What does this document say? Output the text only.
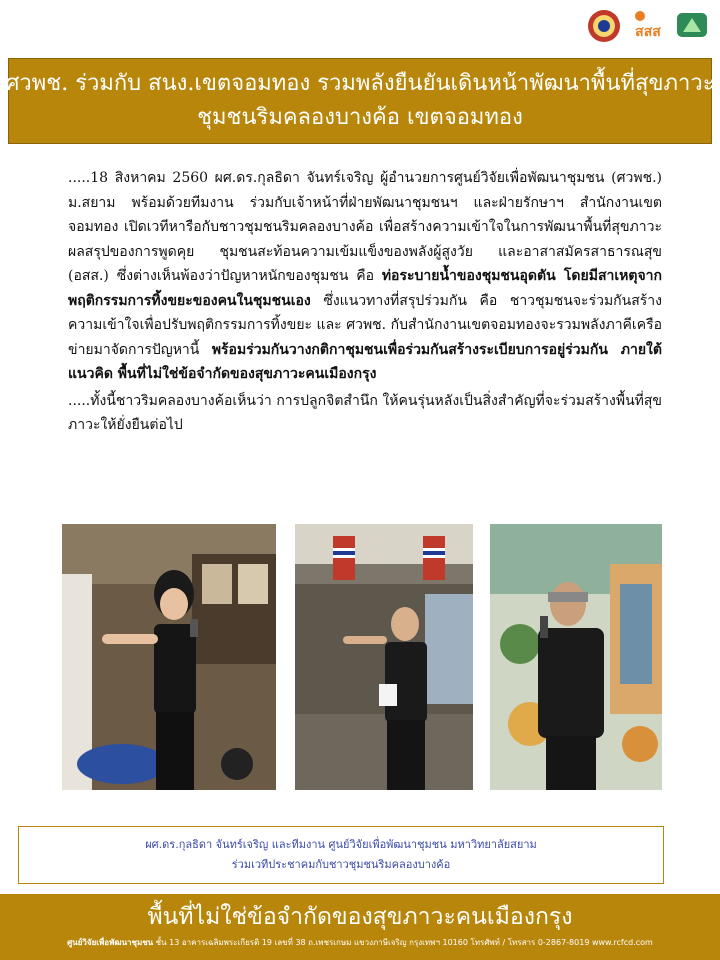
สสส
ศวพช. ร่วมกับ สนง.เขตจอมทอง รวมพลังยืนยันเดินหน้าพัฒนาพื้นที่สุขภาวะ
ชุมชนริมคลองบางค้อ เขตจอมทอง

.....18 สิงหาคม 2560 ผศ.ดร.กุลธิดา จันทร์เจริญ ผู้อำนวยการศูนย์วิจัยเพื่อพัฒนาชุมชน (ศวพช.) ม.สยาม พร้อมด้วยทีมงาน ร่วมกับเจ้าหน้าที่ฝ่ายพัฒนาชุมชนฯ และฝ่ายรักษาฯ สำนักงานเขตจอมทอง เปิดเวทีหารือกับชาวชุมชนริมคลองบางค้อ เพื่อสร้างความเข้าใจในการพัฒนาพื้นที่สุขภาวะ ผลสรุปของการพูดคุย ชุมชนสะท้อนความเข้มแข็งของพลังผู้สูงวัย และอาสาสมัครสาธารณสุข (อสส.) ซึ่งต่างเห็นพ้องว่าปัญหาหนักของชุมชน คือ ท่อระบายน้ำของชุมชนอุดตัน โดยมีสาเหตุจากพฤติกรรมการทิ้งขยะของคนในชุมชนเอง ซึ่งแนวทางที่สรุปร่วมกัน คือ ชาวชุมชนจะร่วมกันสร้างความเข้าใจเพื่อปรับพฤติกรรมการทิ้งขยะ และ ศวพช. กับสำนักงานเขตจอมทองจะรวมพลังภาคีเครือข่ายมาจัดการปัญหานี้ พร้อมร่วมกันวางกติกาชุมชนเพื่อร่วมกันสร้างระเบียบการอยู่ร่วมกัน ภายใต้แนวคิด พื้นที่ไม่ใช่ข้อจำกัดของสุขภาวะคนเมืองกรุง

.....ทั้งนี้ชาวริมคลองบางค้อเห็นว่า การปลูกจิตสำนึก ให้คนรุ่นหลังเป็นสิ่งสำคัญที่จะร่วมสร้างพื้นที่สุขภาวะให้ยั่งยืนต่อไป

ผศ.ดร.กุลธิดา จันทร์เจริญ และทีมงาน ศูนย์วิจัยเพื่อพัฒนาชุมชน มหาวิทยาลัยสยาม
ร่วมเวทีประชาคมกับชาวชุมชนริมคลองบางค้อ
พื้นที่ไม่ใช่ข้อจำกัดของสุขภาวะคนเมืองกรุง
ศูนย์วิจัยเพื่อพัฒนาชุมชน ชั้น 13 อาคารเฉลิมพระเกียรติ 19 เลขที่ 38 ถ.เพชรเกษม แขวงภาษีเจริญ กรุงเทพฯ 10160 โทรศัพท์ / โทรสาร 0-2867-8019 www.rcfcd.com
